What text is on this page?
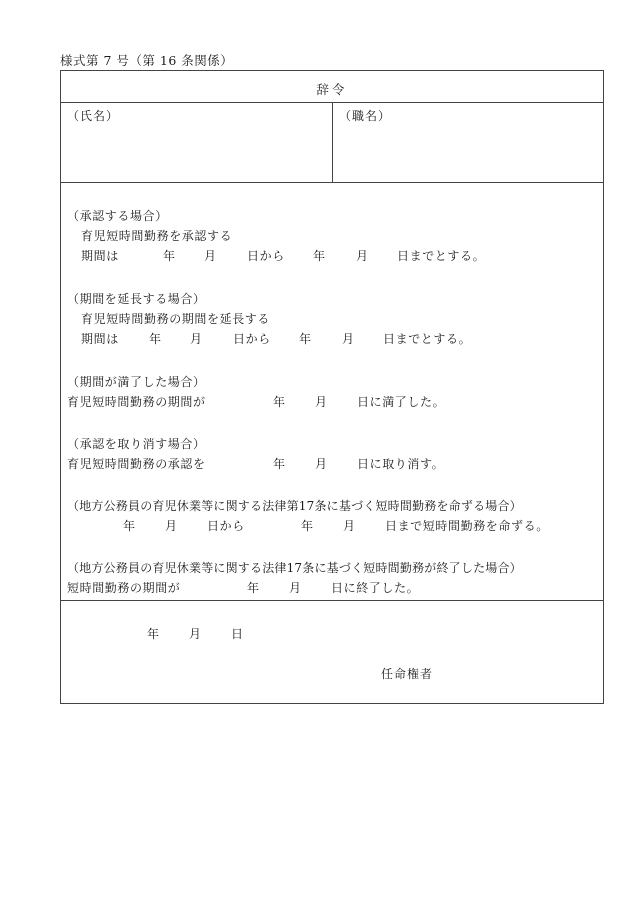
様式第 7 号（第 16 条関係）
辞令
（氏名）	（職名）
（承認する場合）
育児短時間勤務を承認する
期間は	年 月	日から 年	月 日までとする。
（期間を延長する場合）
育児短時間勤務の期間を延長する
期間は	年 月	日から 年	月 日までとする。
（期間が満了した場合）
育児短時間勤務の期間が	年 月 日に満了した。
（承認を取り消す場合）
育児短時間勤務の承認を	年 月 日に取り消す。
（地方公務員の育児休業等に関する法律第17条に基づく短時間勤務を命ずる場合）
年 月 日から	年 月 日まで短時間勤務を命ずる。
（地方公務員の育児休業等に関する法律17条に基づく短時間勤務が終了した場合）
短時間勤務の期間が	年 月 日に終了した。
年 月 日
任命権者
